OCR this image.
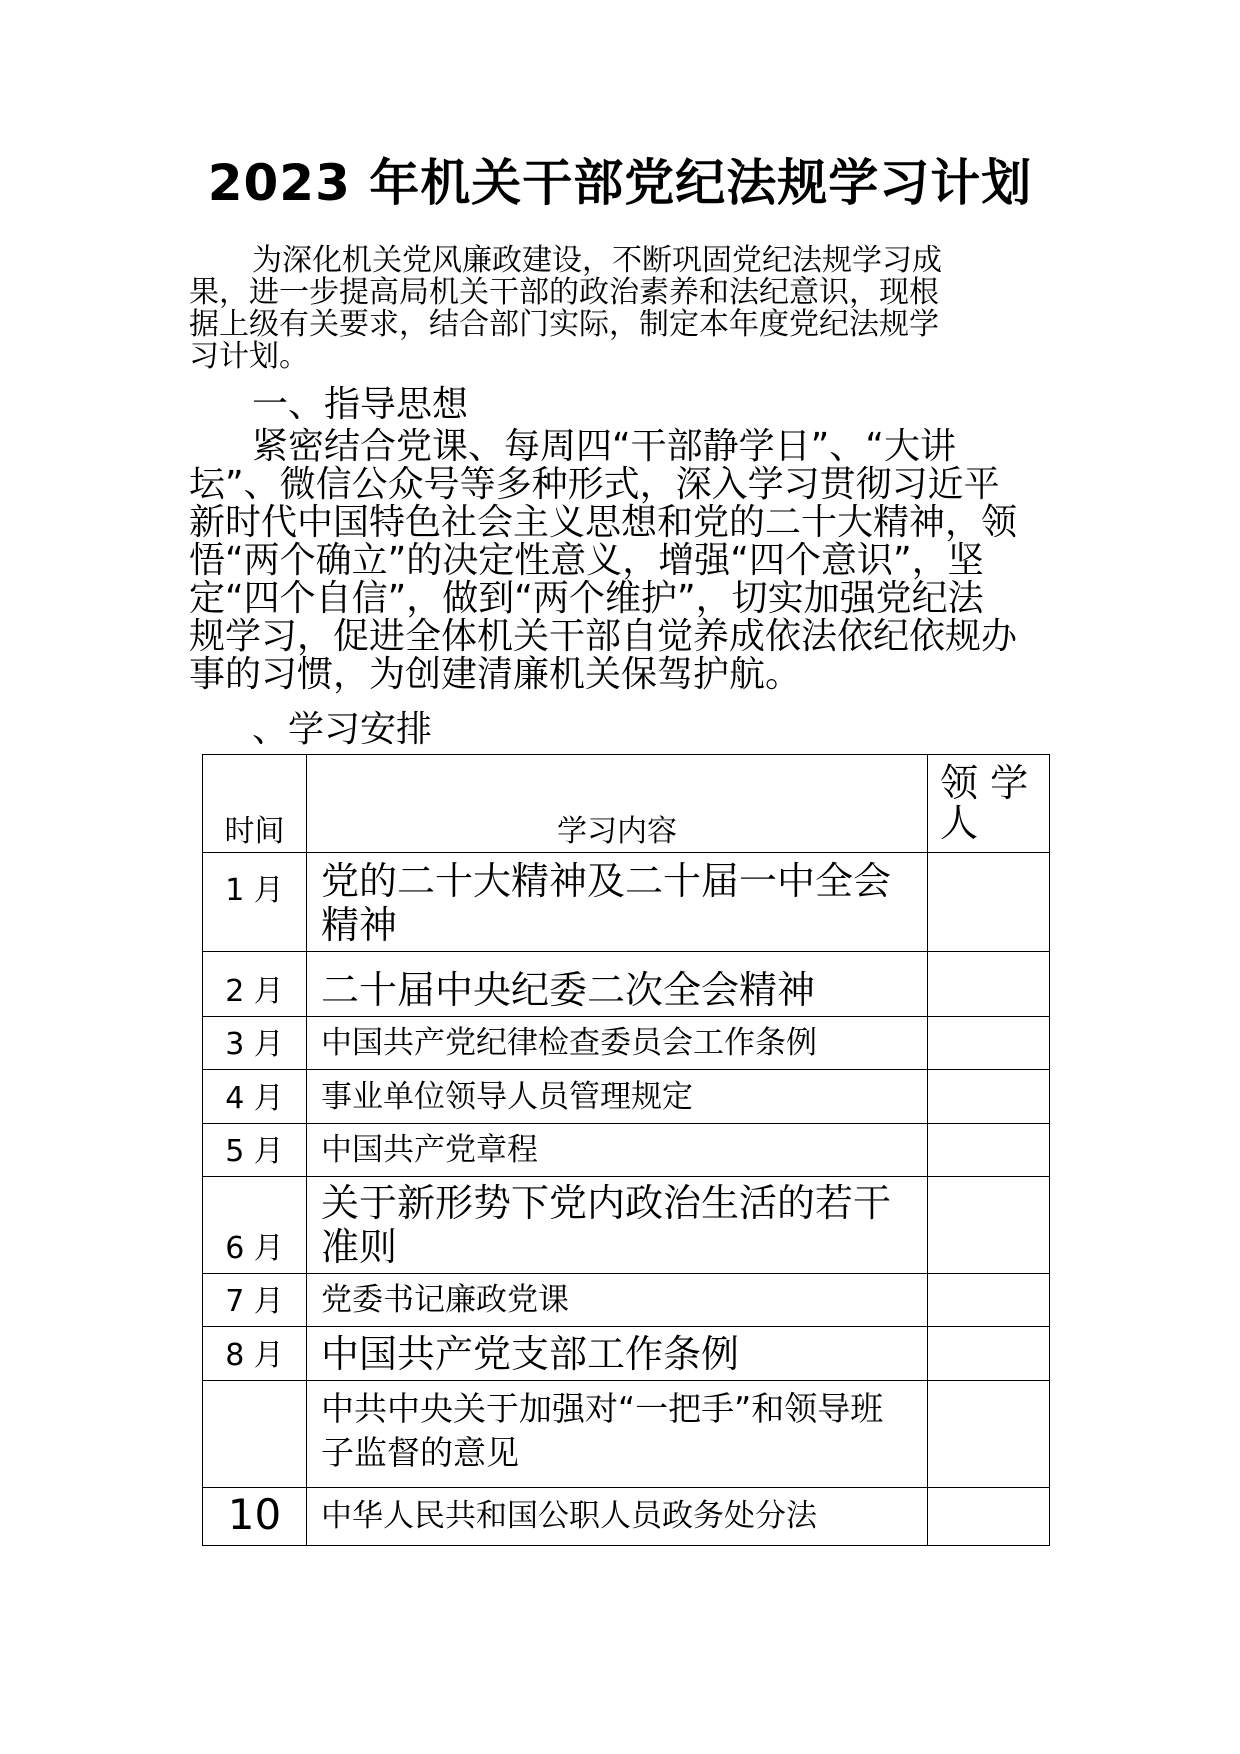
2023 年机关干部党纪法规学习计划
为深化机关党风廉政建设，不断巩固党纪法规学习成
果，进一步提高局机关干部的政治素养和法纪意识，现根
据上级有关要求，结合部门实际，制定本年度党纪法规学
习计划。
一、指导思想
紧密结合党课、每周四“干部静学日”、“大讲
坛”、微信公众号等多种形式，深入学习贯彻习近平
新时代中国特色社会主义思想和党的二十大精神，领
悟“两个确立”的决定性意义，增强“四个意识”，坚
定“四个自信”，做到“两个维护”，切实加强党纪法
规学习，促进全体机关干部自觉养成依法依纪依规办
事的习惯，为创建清廉机关保驾护航。
、学习安排
时间	学习内容	领 学
人

1 月	党的二十大精神及二十届一中全会
精神	

2 月	二十届中央纪委二次全会精神	

3 月	中国共产党纪律检查委员会工作条例	

4 月	事业单位领导人员管理规定	

5 月	中国共产党章程	

6 月	关于新形势下党内政治生活的若干
准则	

7 月	党委书记廉政党课	

8 月	中国共产党支部工作条例	

	中共中央关于加强对“一把手”和领导班
子监督的意见	

10	中华人民共和国公职人员政务处分法	
